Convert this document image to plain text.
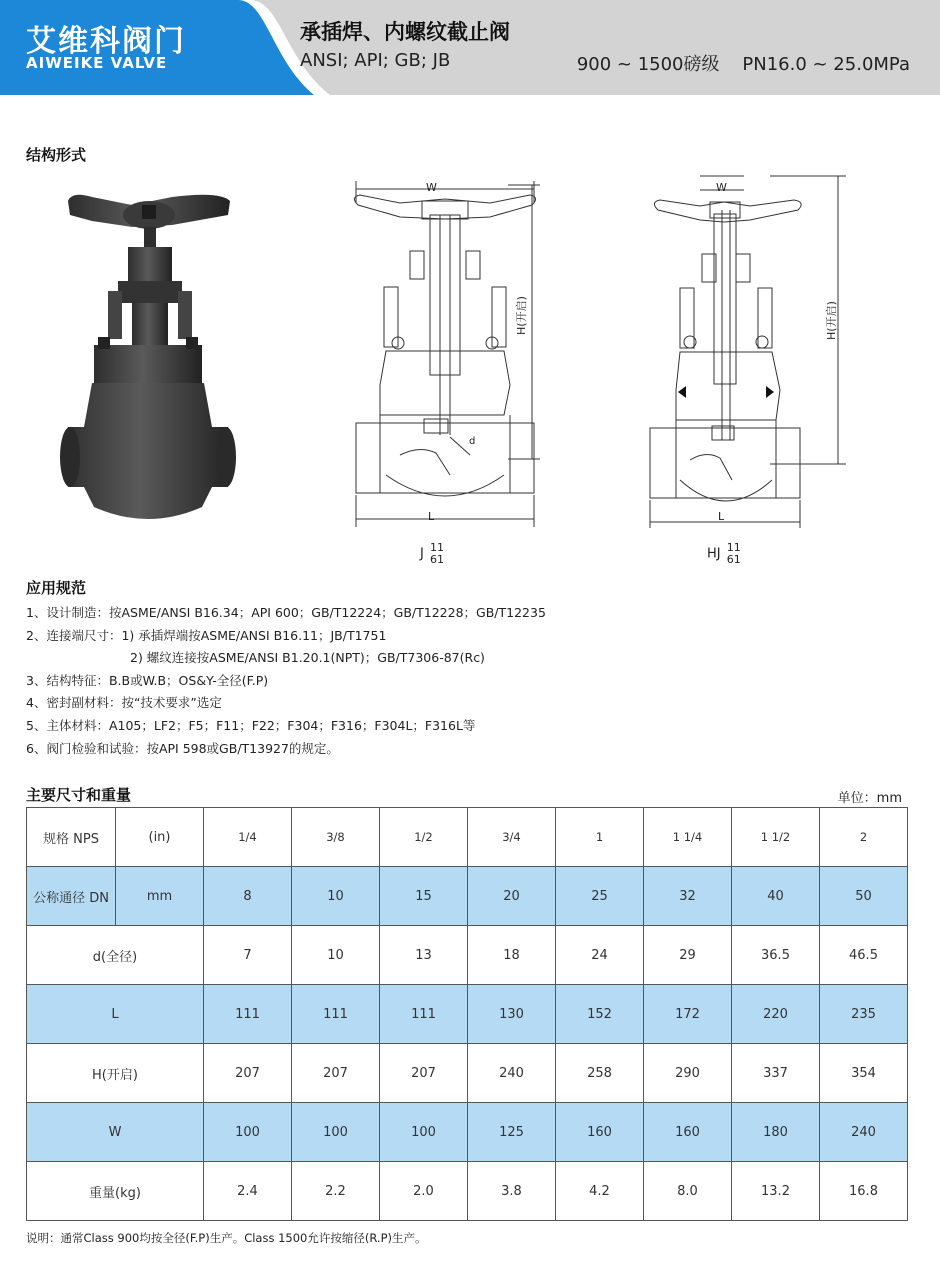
艾维科阀门
AIWEIKE VALVE
承插焊、内螺纹截止阀
ANSI; API; GB; JB	900 ~ 1500磅级    PN16.0 ~ 25.0MPa
结构形式
W
H(开启)
L
d
J 11
61
W
H(开启)
L
HJ 11
61
应用规范
1、设计制造：按ASME/ANSI B16.34；API 600；GB/T12224；GB/T12228；GB/T12235
2、连接端尺寸：1) 承插焊端按ASME/ANSI B16.11；JB/T1751
2) 螺纹连接按ASME/ANSI B1.20.1(NPT)；GB/T7306-87(Rc)
3、结构特征：B.B或W.B；OS&Y-全径(F.P)
4、密封副材料：按“技术要求”选定
5、主体材料：A105；LF2；F5；F11；F22；F304；F316；F304L；F316L等
6、阀门检验和试验：按API 598或GB/T13927的规定。
主要尺寸和重量	单位：mm
规格 NPS	(in)	1/4	3/8	1/2	3/4	1	1 1/4	1 1/2	2
公称通径 DN	mm	8	10	15	20	25	32	40	50
d(全径)		7	10	13	18	24	29	36.5	46.5
L		111	111	111	130	152	172	220	235
H(开启)		207	207	207	240	258	290	337	354
W		100	100	100	125	160	160	180	240
重量(kg)		2.4	2.2	2.0	3.8	4.2	8.0	13.2	16.8
说明：通常Class 900均按全径(F.P)生产。Class 1500允许按缩径(R.P)生产。
